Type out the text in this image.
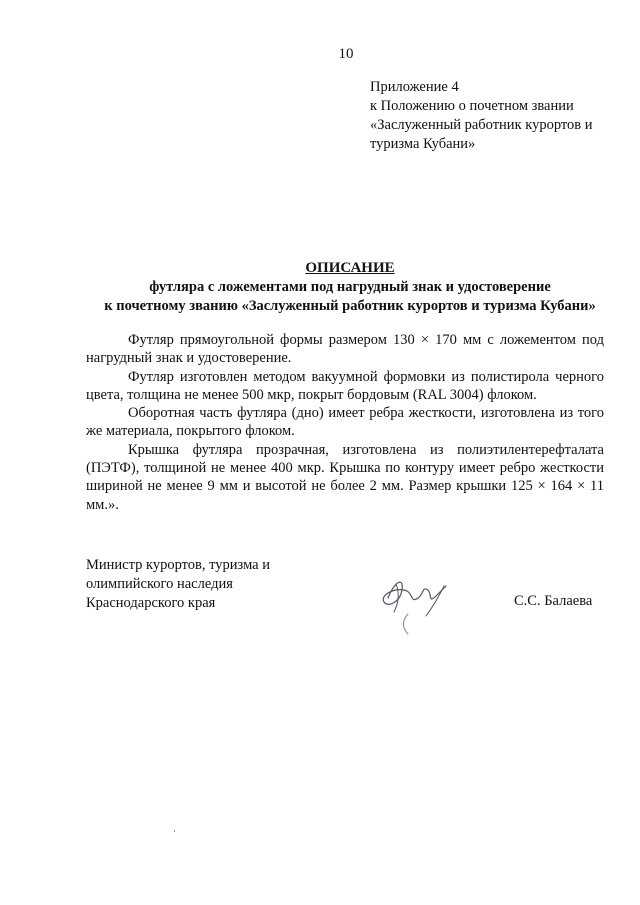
10
Приложение 4
к Положению о почетном звании
«Заслуженный работник курортов и
туризма Кубани»
ОПИСАНИЕ
футляра с ложементами под нагрудный знак и удостоверение
к почетному званию «Заслуженный работник курортов и туризма Кубани»

Футляр прямоугольной формы размером 130 × 170 мм с ложементом под нагрудный знак и удостоверение.

Футляр изготовлен методом вакуумной формовки из полистирола черного цвета, толщина не менее 500 мкр, покрыт бордовым (RAL 3004) флоком.

Оборотная часть футляра (дно) имеет ребра жесткости, изготовлена из того же материала, покрытого флоком.

Крышка футляра прозрачная, изготовлена из полиэтилентерефталата (ПЭТФ), толщиной не менее 400 мкр. Крышка по контуру имеет ребро жесткости шириной не менее 9 мм и высотой не более 2 мм. Размер крышки 125 × 164 × 11 мм.».

Министр курортов, туризма и
олимпийского наследия
Краснодарского края	С.С. Балаева
